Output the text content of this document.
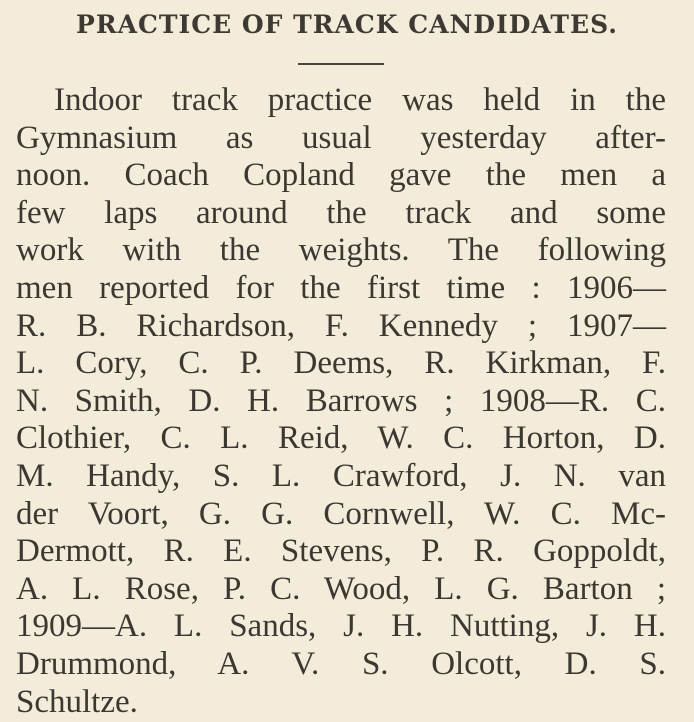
PRACTICE OF TRACK CANDIDATES.
Indoor track practice was held in the
Gymnasium as usual yesterday after-
noon. Coach Copland gave the men a
few laps around the track and some
work with the weights. The following
men reported for the first time : 1906—
R. B. Richardson, F. Kennedy ; 1907—
L. Cory, C. P. Deems, R. Kirkman, F.
N. Smith, D. H. Barrows ; 1908—R. C.
Clothier, C. L. Reid, W. C. Horton, D.
M. Handy, S. L. Crawford, J. N. van
der Voort, G. G. Cornwell, W. C. Mc-
Dermott, R. E. Stevens, P. R. Goppoldt,
A. L. Rose, P. C. Wood, L. G. Barton ;
1909—A. L. Sands, J. H. Nutting, J. H.
Drummond, A. V. S. Olcott, D. S.
Schultze.
